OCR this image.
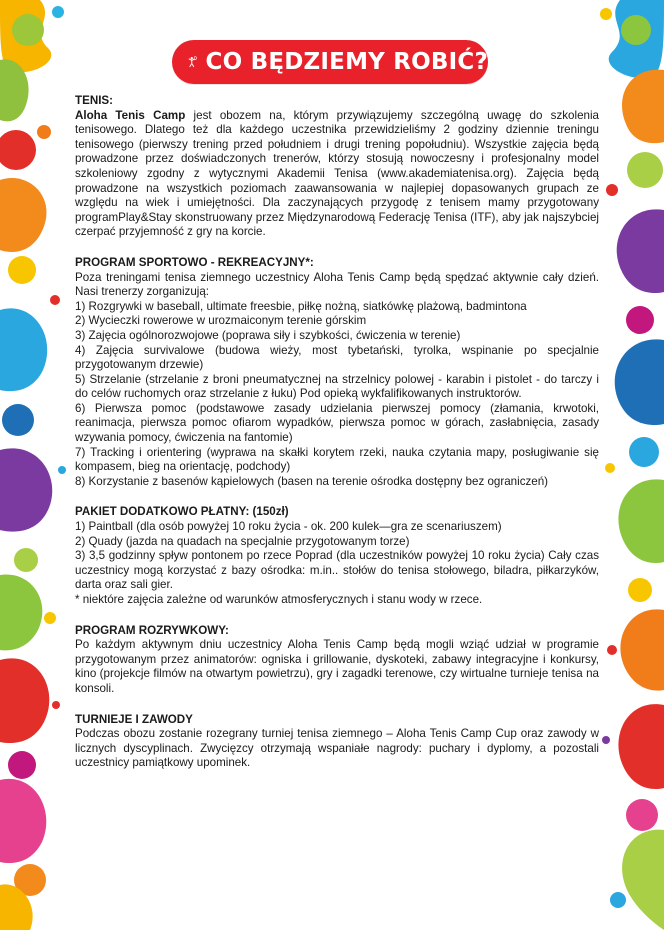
CO BĘDZIEMY ROBIĆ?
TENIS:
Aloha Tenis Camp jest obozem na, którym przywiązujemy szczególną uwagę do szkolenia tenisowego. Dlatego też dla każdego uczestnika przewidzieliśmy 2 godziny dziennie treningu tenisowego (pierwszy trening przed południem i drugi trening popołudniu). Wszystkie zajęcia będą prowadzone przez doświadczonych trenerów, którzy stosują nowoczesny i profesjonalny model szkoleniowy zgodny z wytycznymi Akademii Tenisa (www.akademiatenisa.org). Zajęcia będą prowadzone na wszystkich poziomach zaawansowania w najlepiej dopasowanych grupach ze względu na wiek i umiejętności. Dla zaczynających przygodę z tenisem mamy przygotowany programPlay&Stay skonstruowany przez Międzynarodową Federację Tenisa (ITF), aby jak najszybciej czerpać przyjemność z gry na korcie.
PROGRAM SPORTOWO - REKREACYJNY*:
Poza treningami tenisa ziemnego uczestnicy Aloha Tenis Camp będą spędzać aktywnie cały dzień. Nasi trenerzy zorganizują:
1) Rozgrywki w baseball, ultimate freesbie, piłkę nożną, siatkówkę plażową, badmintona
2) Wycieczki rowerowe w urozmaiconym terenie górskim
3) Zajęcia ogólnorozwojowe (poprawa siły i szybkości, ćwiczenia w terenie)
4) Zajęcia survivalowe (budowa wieży, most tybetański, tyrolka, wspinanie po specjalnie przygotowanym drzewie)
5) Strzelanie (strzelanie z broni pneumatycznej na strzelnicy polowej - karabin i pistolet - do tarczy i do celów ruchomych oraz strzelanie z łuku) Pod opieką wykfalifikowanych instruktorów.
6) Pierwsza pomoc (podstawowe zasady udzielania pierwszej pomocy (złamania, krwotoki, reanimacja, pierwsza pomoc ofiarom wypadków, pierwsza pomoc w górach, zasłabnięcia, zasady wzywania pomocy, ćwiczenia na fantomie)
7) Tracking i orientering (wyprawa na skałki korytem rzeki, nauka czytania mapy, posługiwanie się kompasem, bieg na orientację, podchody)
8) Korzystanie z basenów kąpielowych (basen na terenie ośrodka dostępny bez ograniczeń)
PAKIET DODATKOWO PŁATNY: (150zł)
1) Paintball (dla osób powyżej 10 roku życia - ok. 200 kulek—gra ze scenariuszem)
2) Quady (jazda na quadach na specjalnie przygotowanym torze)
3) 3,5 godzinny spływ pontonem po rzece Poprad (dla uczestników powyżej 10 roku życia) Cały czas uczestnicy mogą korzystać z bazy ośrodka: m.in.. stołów do tenisa stołowego, biladra, piłkarzyków, darta oraz sali gier.
* niektóre zajęcia zależne od warunków atmosferycznych i stanu wody w rzece.
PROGRAM ROZRYWKOWY:
Po każdym aktywnym dniu uczestnicy Aloha Tenis Camp będą mogli wziąć udział w programie przygotowanym przez animatorów: ogniska i grillowanie, dyskoteki, zabawy integracyjne i konkursy, kino (projekcje filmów na otwartym powietrzu), gry i zagadki terenowe, czy wirtualne turnieje tenisa na konsoli.
TURNIEJE I ZAWODY
Podczas obozu zostanie rozegrany turniej tenisa ziemnego – Aloha Tenis Camp Cup oraz zawody w licznych dyscyplinach. Zwycięzcy otrzymają wspaniałe nagrody: puchary i dyplomy, a pozostali uczestnicy pamiątkowy upominek.
